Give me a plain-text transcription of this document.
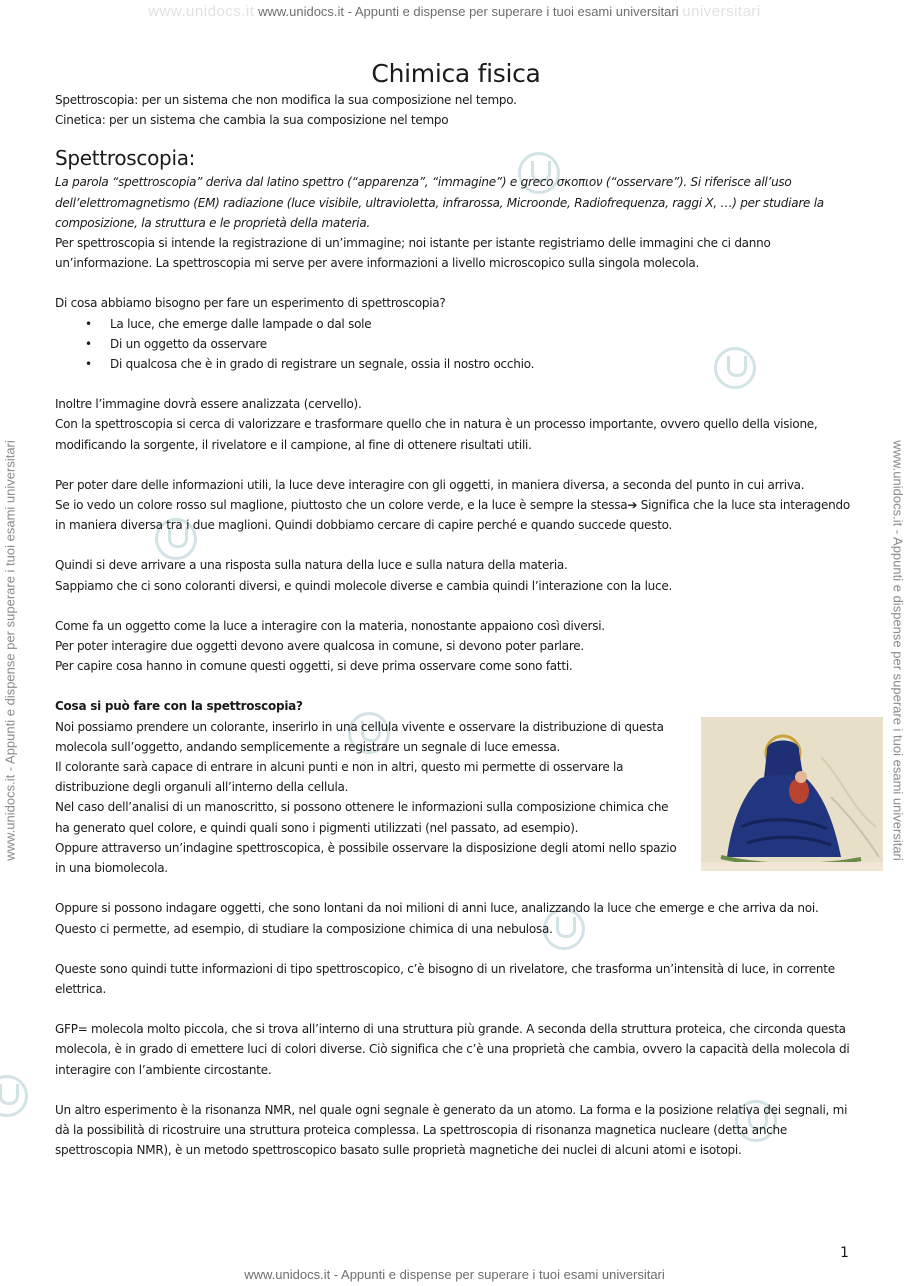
www.unidocs.it www.unidocs.it - Appunti e dispense per superare i tuoi esami universitari universitari
www.unidocs.it - Appunti e dispense per superare i tuoi esami universitari
www.unidocs.it - Appunti e dispense per superare i tuoi esami universitari	www.unidocs.it - Appunti e dispense per superare i tuoi esami universitari
Chimica fisica

Spettroscopia: per un sistema che non modifica la sua composizione nel tempo.

Cinetica: per un sistema che cambia la sua composizione nel tempo

Spettroscopia:

La parola “spettroscopia” deriva dal latino spettro (“apparenza”, “immagine”) e greco σκοπιον (“osservare”). Si riferisce all’uso dell’elettromagnetismo (EM) radiazione (luce visibile, ultravioletta, infrarossa, Microonde, Radiofrequenza, raggi X, …) per studiare la composizione, la struttura e le proprietà della materia.

Per spettroscopia si intende la registrazione di un’immagine; noi istante per istante registriamo delle immagini che ci danno un’informazione. La spettroscopia mi serve per avere informazioni a livello microscopico sulla singola molecola.

Di cosa abbiamo bisogno per fare un esperimento di spettroscopia?

• La luce, che emerge dalle lampade o dal sole
• Di un oggetto da osservare
• Di qualcosa che è in grado di registrare un segnale, ossia il nostro occhio.

Inoltre l’immagine dovrà essere analizzata (cervello).

Con la spettroscopia si cerca di valorizzare e trasformare quello che in natura è un processo importante, ovvero quello della visione, modificando la sorgente, il rivelatore e il campione, al fine di ottenere risultati utili.

Per poter dare delle informazioni utili, la luce deve interagire con gli oggetti, in maniera diversa, a seconda del punto in cui arriva.

Se io vedo un colore rosso sul maglione, piuttosto che un colore verde, e la luce è sempre la stessa➔ Significa che la luce sta interagendo in maniera diversa tra i due maglioni. Quindi dobbiamo cercare di capire perché e quando succede questo.

Quindi si deve arrivare a una risposta sulla natura della luce e sulla natura della materia.

Sappiamo che ci sono coloranti diversi, e quindi molecole diverse e cambia quindi l’interazione con la luce.

Come fa un oggetto come la luce a interagire con la materia, nonostante appaiono così diversi.

Per poter interagire due oggetti devono avere qualcosa in comune, si devono poter parlare.

Per capire cosa hanno in comune questi oggetti, si deve prima osservare come sono fatti.

Cosa si può fare con la spettroscopia?

Noi possiamo prendere un colorante, inserirlo in una cellula vivente e osservare la distribuzione di questa molecola sull’oggetto, andando semplicemente a registrare un segnale di luce emessa.

Il colorante sarà capace di entrare in alcuni punti e non in altri, questo mi permette di osservare la distribuzione degli organuli all’interno della cellula.

Nel caso dell’analisi di un manoscritto, si possono ottenere le informazioni sulla composizione chimica che ha generato quel colore, e quindi quali sono i pigmenti utilizzati (nel passato, ad esempio).

Oppure attraverso un’indagine spettroscopica, è possibile osservare la disposizione degli atomi nello spazio in una biomolecola.

Oppure si possono indagare oggetti, che sono lontani da noi milioni di anni luce, analizzando la luce che emerge e che arriva da noi. Questo ci permette, ad esempio, di studiare la composizione chimica di una nebulosa.

Queste sono quindi tutte informazioni di tipo spettroscopico, c’è bisogno di un rivelatore, che trasforma un’intensità di luce, in corrente elettrica.

GFP= molecola molto piccola, che si trova all’interno di una struttura più grande. A seconda della struttura proteica, che circonda questa molecola, è in grado di emettere luci di colori diverse. Ciò significa che c’è una proprietà che cambia, ovvero la capacità della molecola di interagire con l’ambiente circostante.

Un altro esperimento è la risonanza NMR, nel quale ogni segnale è generato da un atomo. La forma e la posizione relativa dei segnali, mi dà la possibilità di ricostruire una struttura proteica complessa. La spettroscopia di risonanza magnetica nucleare (detta anche spettroscopia NMR), è un metodo spettroscopico basato sulle proprietà magnetiche dei nuclei di alcuni atomi e isotopi.

1
